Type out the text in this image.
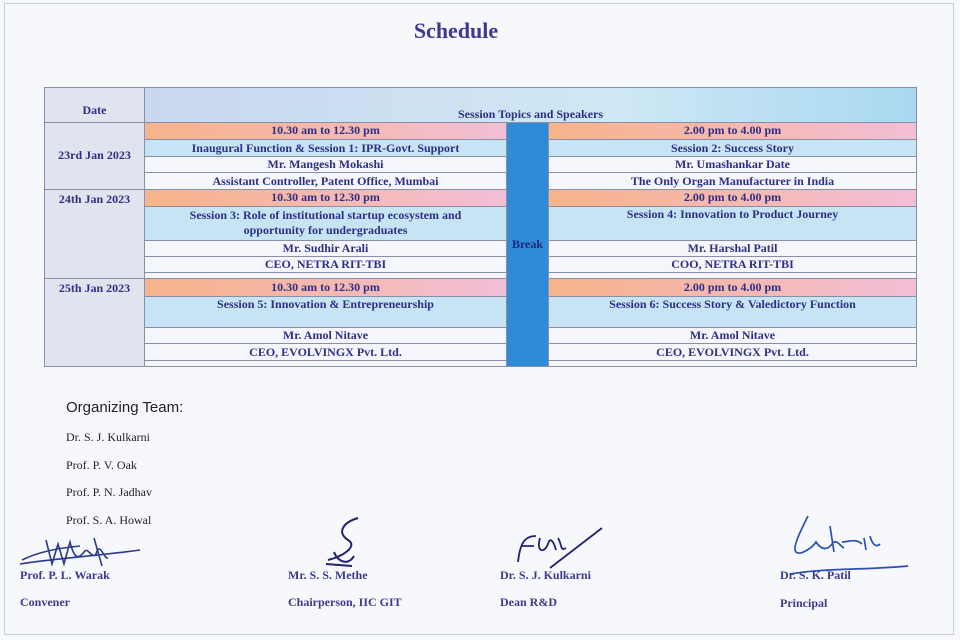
Schedule
Date	Session Topics and Speakers		
23rd Jan 2023	10.30 am to 12.30 pm	Break	2.00 pm to 4.00 pm
	Inaugural Function & Session 1: IPR-Govt. Support		Session 2: Success Story
	Mr. Mangesh Mokashi		Mr. Umashankar Date
	Assistant Controller, Patent Office, Mumbai		The Only Organ Manufacturer in India
24th Jan 2023	10.30 am to 12.30 pm		2.00 pm to 4.00 pm
	Session 3: Role of institutional startup ecosystem and opportunity for undergraduates		Session 4: Innovation to Product Journey
	Mr. Sudhir Arali		Mr. Harshal Patil
	CEO, NETRA RIT-TBI		COO, NETRA RIT-TBI

25th Jan 2023	10.30 am to 12.30 pm		2.00 pm to 4.00 pm
	Session 5: Innovation & Entrepreneurship		Session 6: Success Story & Valedictory Function
	Mr. Amol Nitave		Mr. Amol Nitave
	CEO, EVOLVINGX Pvt. Ltd.		CEO, EVOLVINGX Pvt. Ltd.

Organizing Team:
Dr. S. J. Kulkarni
Prof. P. V. Oak
Prof. P. N. Jadhav
Prof. S. A. Howal
Prof. P. L. Warak
Convener
Mr. S. S. Methe
Chairperson, IIC GIT
Dr. S. J. Kulkarni
Dean R&D
Dr. S. K. Patil
Principal
